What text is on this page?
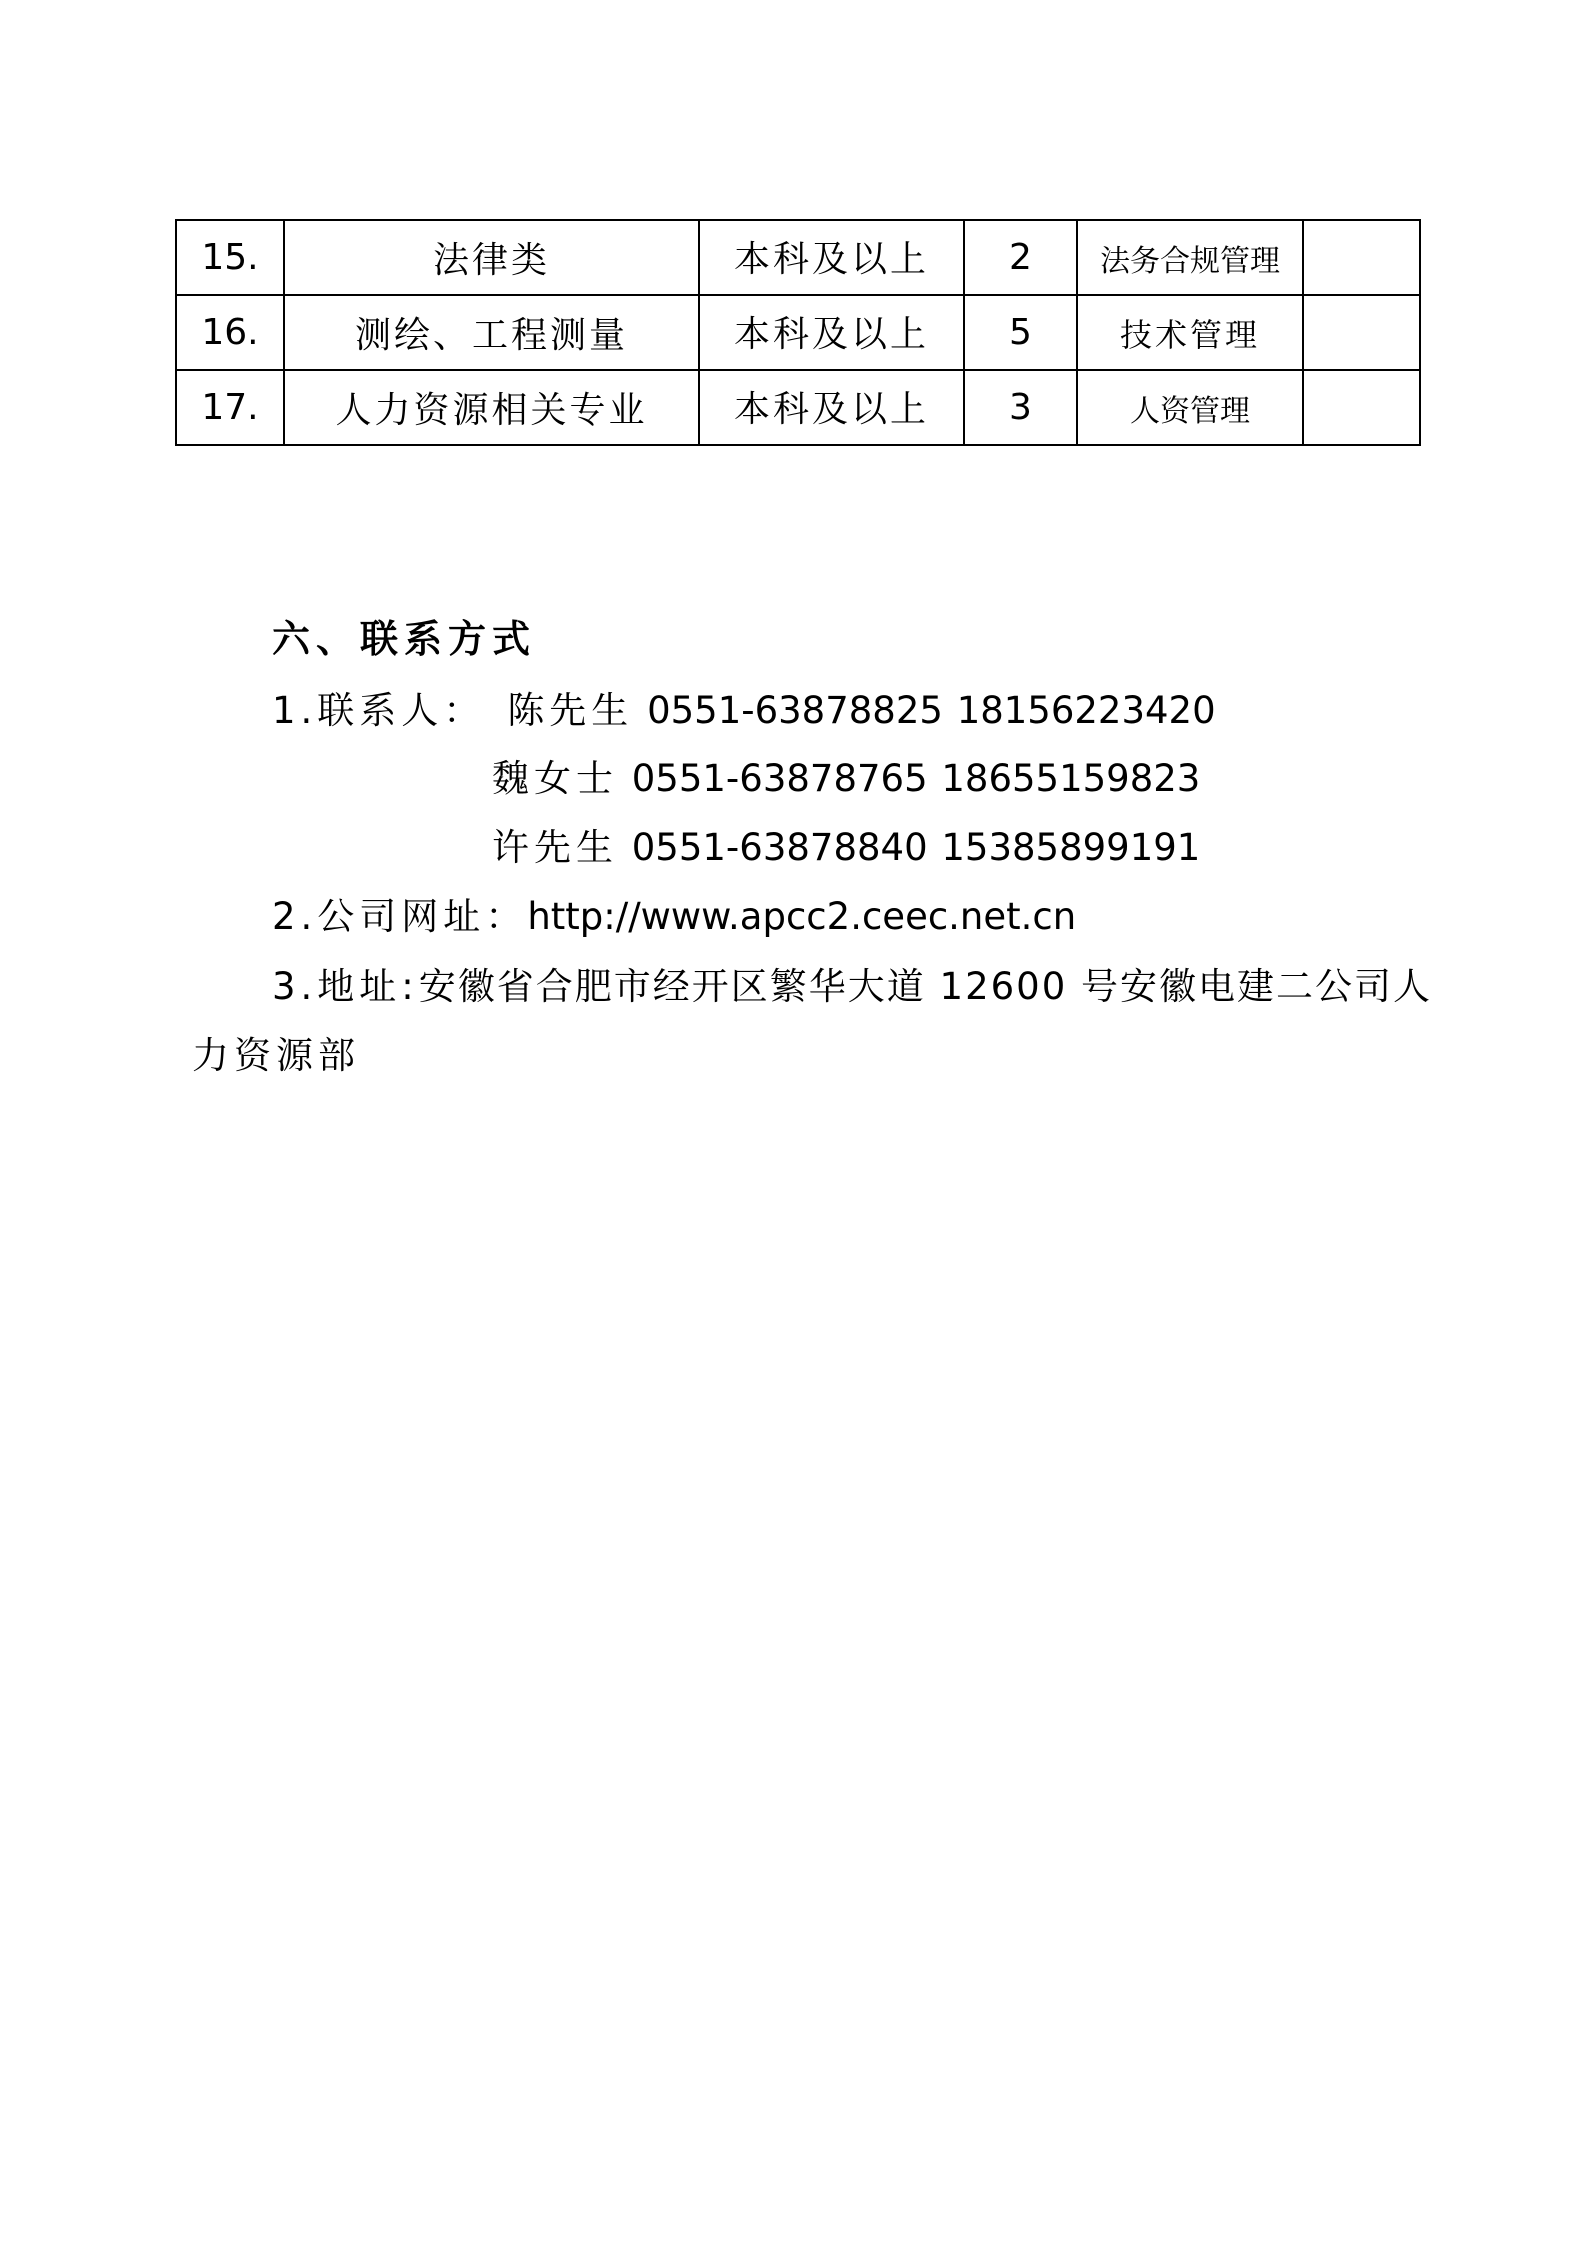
15.	法律类	本科及以上	2	法务合规管理	
16.	测绘、工程测量	本科及以上	5	技术管理	
17.	人力资源相关专业	本科及以上	3	人资管理	
六、联系方式
1.联系人： 陈先生 0551-63878825 18156223420
魏女士 0551-63878765 18655159823
许先生 0551-63878840 15385899191
2.公司网址：http://www.apcc2.ceec.net.cn
3.地址:安徽省合肥市经开区繁华大道 12600 号安徽电建二公司人
力资源部
